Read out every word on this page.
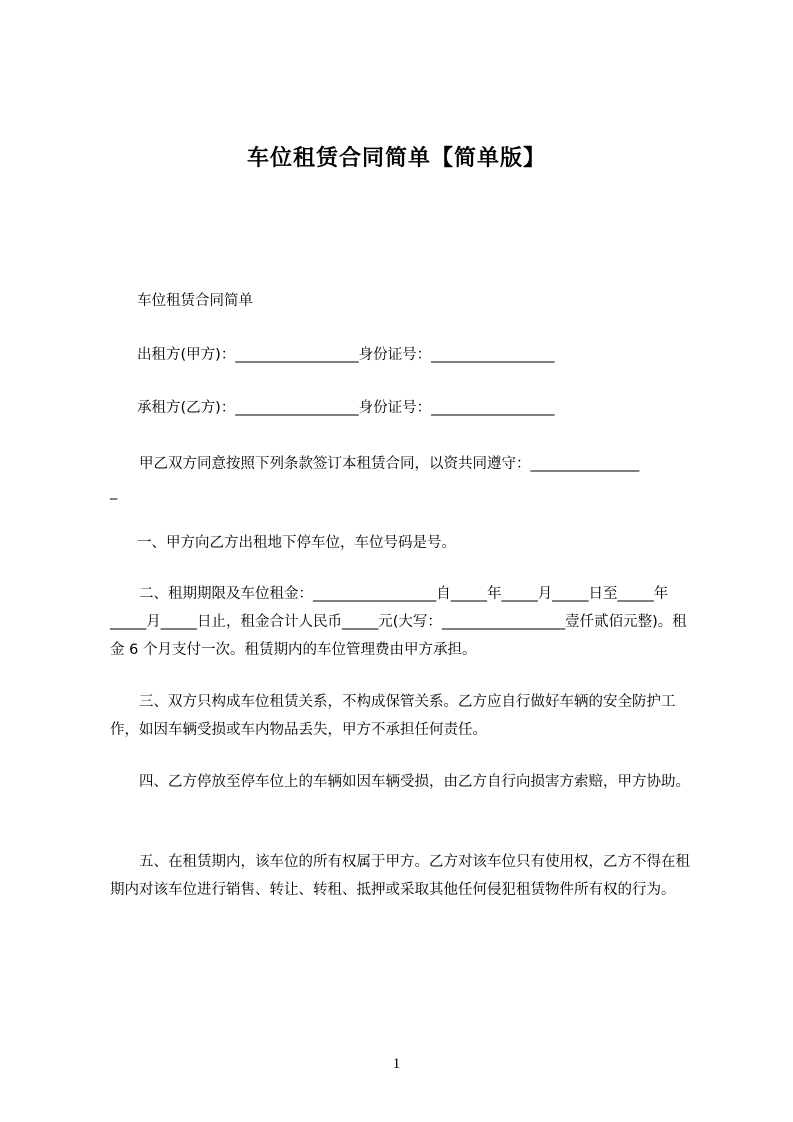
车位租赁合同简单【简单版】

车位租赁合同简单

出租方(甲方)：_________________身份证号：_________________

承租方(乙方)：_________________身份证号：_________________

甲乙双方同意按照下列条款签订本租赁合同，以资共同遵守：_______________
_

一、甲方向乙方出租地下停车位，车位号码是号。

二、租期期限及车位租金：_________________自_____年_____月_____日至_____年_____月_____日止，租金合计人民币_____元(大写：_________________壹仟贰佰元整)。租金 6 个月支付一次。租赁期内的车位管理费由甲方承担。

三、双方只构成车位租赁关系，不构成保管关系。乙方应自行做好车辆的安全防护工作，如因车辆受损或车内物品丢失，甲方不承担任何责任。

四、乙方停放至停车位上的车辆如因车辆受损，由乙方自行向损害方索赔，甲方协助。

五、在租赁期内，该车位的所有权属于甲方。乙方对该车位只有使用权，乙方不得在租期内对该车位进行销售、转让、转租、抵押或采取其他任何侵犯租赁物件所有权的行为。

1
